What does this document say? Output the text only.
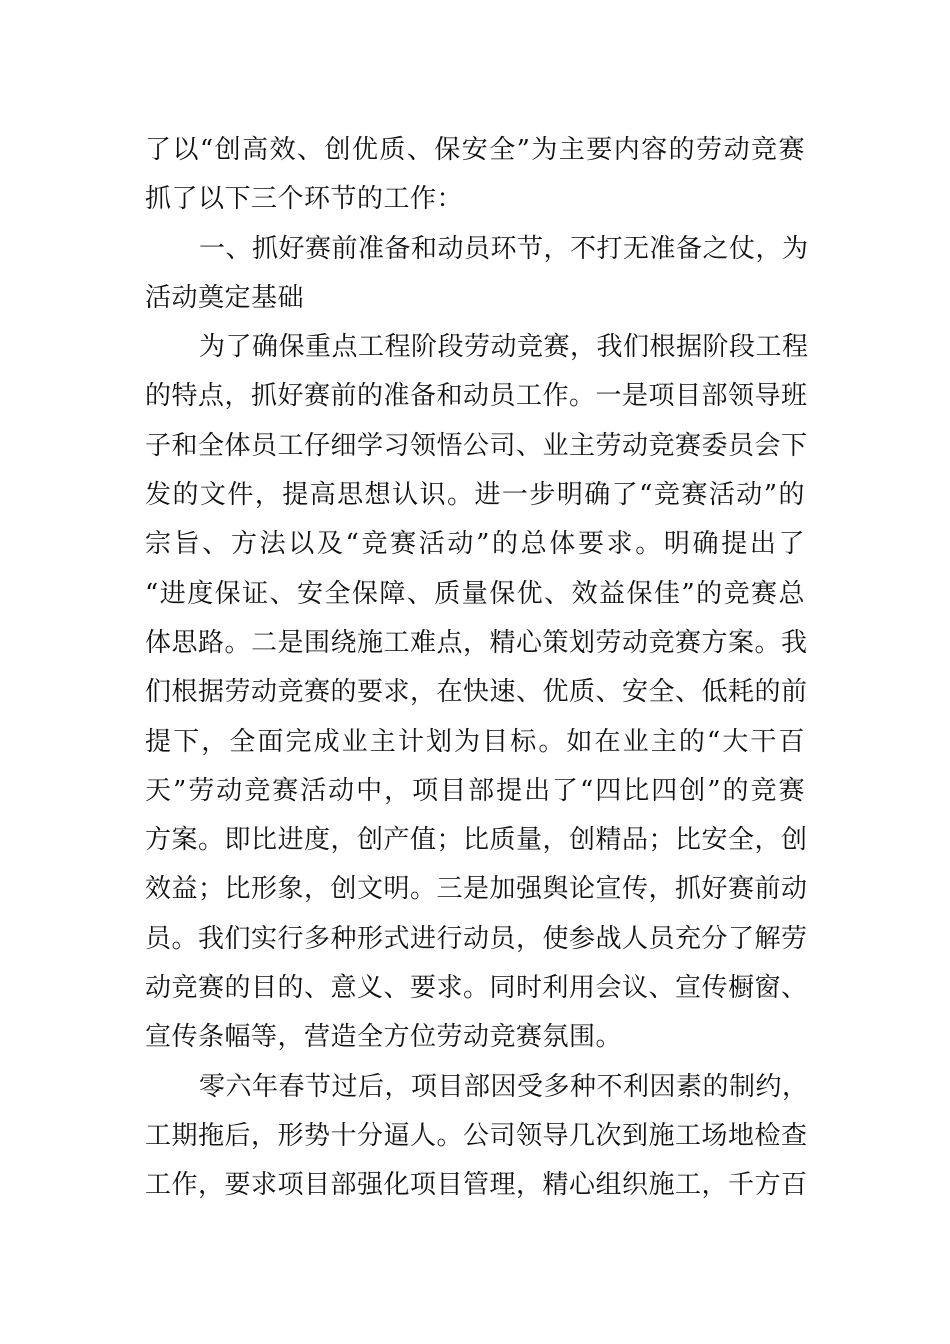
了以“创高效、创优质、保安全”为主要内容的劳动竞赛
抓了以下三个环节的工作：
一、抓好赛前准备和动员环节，不打无准备之仗，为
活动奠定基础
为了确保重点工程阶段劳动竞赛，我们根据阶段工程
的特点，抓好赛前的准备和动员工作。一是项目部领导班
子和全体员工仔细学习领悟公司、业主劳动竞赛委员会下
发的文件，提高思想认识。进一步明确了“竞赛活动”的
宗旨、方法以及“竞赛活动”的总体要求。明确提出了
“进度保证、安全保障、质量保优、效益保佳”的竞赛总
体思路。二是围绕施工难点，精心策划劳动竞赛方案。我
们根据劳动竞赛的要求，在快速、优质、安全、低耗的前
提下，全面完成业主计划为目标。如在业主的“大干百
天”劳动竞赛活动中，项目部提出了“四比四创”的竞赛
方案。即比进度，创产值；比质量，创精品；比安全，创
效益；比形象，创文明。三是加强舆论宣传，抓好赛前动
员。我们实行多种形式进行动员，使参战人员充分了解劳
动竞赛的目的、意义、要求。同时利用会议、宣传橱窗、
宣传条幅等，营造全方位劳动竞赛氛围。
零六年春节过后，项目部因受多种不利因素的制约，
工期拖后，形势十分逼人。公司领导几次到施工场地检查
工作，要求项目部强化项目管理，精心组织施工，千方百
